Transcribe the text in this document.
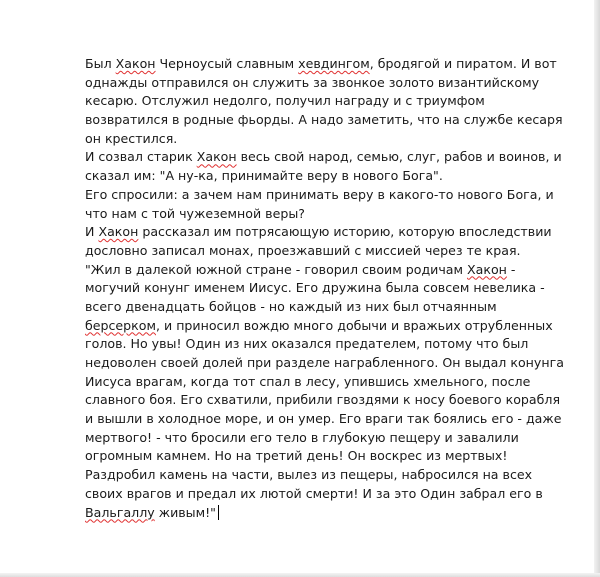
Был Хакон Черноусый славным хевдингом, бродягой и пиратом. И вот
однажды отправился он служить за звонкое золото византийскому
кесарю. Отслужил недолго, получил награду и с триумфом
возвратился в родные фьорды. А надо заметить, что на службе кесаря
он крестился.
И созвал старик Хакон весь свой народ, семью, слуг, рабов и воинов, и
сказал им: "А ну-ка, принимайте веру в нового Бога".
Его спросили: а зачем нам принимать веру в какого-то нового Бога, и
что нам с той чужеземной веры?
И Хакон рассказал им потрясающую историю, которую впоследствии
дословно записал монах, проезжавший с миссией через те края.
"Жил в далекой южной стране - говорил своим родичам Хакон -
могучий конунг именем Иисус. Его дружина была совсем невелика -
всего двенадцать бойцов - но каждый из них был отчаянным
берсерком, и приносил вождю много добычи и вражьих отрубленных
голов. Но увы! Один из них оказался предателем, потому что был
недоволен своей долей при разделе награбленного. Он выдал конунга
Иисуса врагам, когда тот спал в лесу, упившись хмельного, после
славного боя. Его схватили, прибили гвоздями к носу боевого корабля
и вышли в холодное море, и он умер. Его враги так боялись его - даже
мертвого! - что бросили его тело в глубокую пещеру и завалили
огромным камнем. Но на третий день! Он воскрес из мертвых!
Раздробил камень на части, вылез из пещеры, набросился на всех
своих врагов и предал их лютой смерти! И за это Один забрал его в
Вальгаллу живым!"
